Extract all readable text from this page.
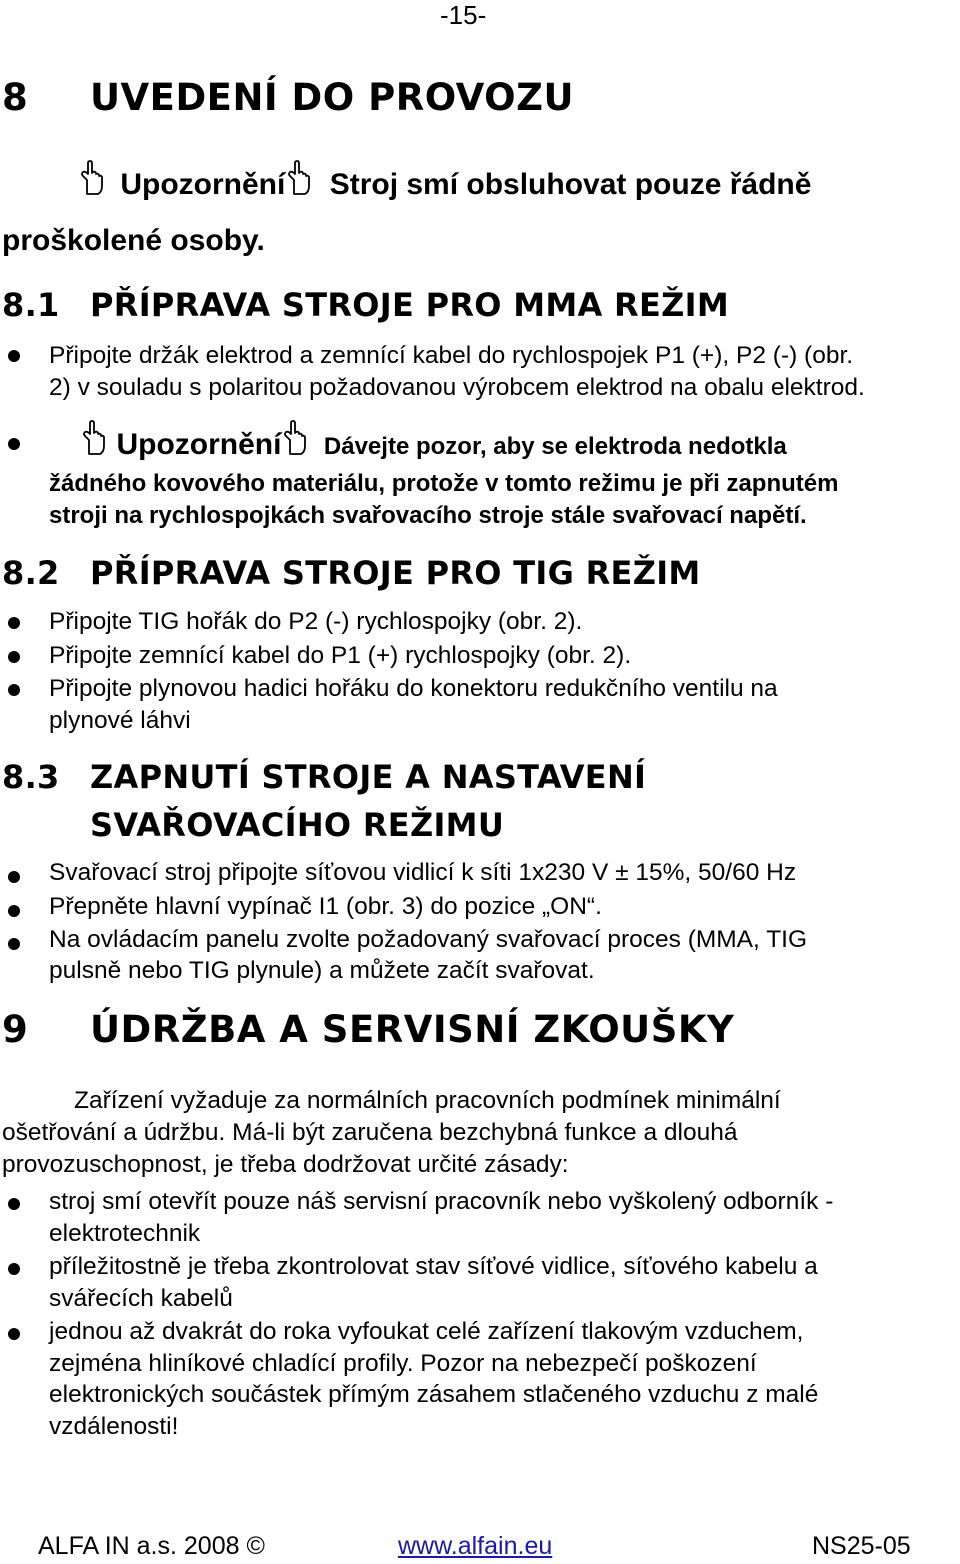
-15-
8 UVEDENÍ DO PROVOZU
Upozornění Stroj smí obsluhovat pouze řádně
proškolené osoby.
8.1 PŘÍPRAVA STROJE PRO MMA REŽIM
Připojte držák elektrod a zemnící kabel do rychlospojek P1 (+), P2 (-) (obr.
2) v souladu s polaritou požadovanou výrobcem elektrod na obalu elektrod.
Upozornění Dávejte pozor, aby se elektroda nedotkla
žádného kovového materiálu, protože v tomto režimu je při zapnutém
stroji na rychlospojkách svařovacího stroje stále svařovací napětí.
8.2 PŘÍPRAVA STROJE PRO TIG REŽIM
Připojte TIG hořák do P2 (-) rychlospojky (obr. 2).
Připojte zemnící kabel do P1 (+) rychlospojky (obr. 2).
Připojte plynovou hadici hořáku do konektoru redukčního ventilu na
plynové láhvi
8.3 ZAPNUTÍ STROJE A NASTAVENÍ
SVAŘOVACÍHO REŽIMU
Svařovací stroj připojte síťovou vidlicí k síti 1x230 V ± 15%, 50/60 Hz
Přepněte hlavní vypínač I1 (obr. 3) do pozice „ON“.
Na ovládacím panelu zvolte požadovaný svařovací proces (MMA, TIG
pulsně nebo TIG plynule) a můžete začít svařovat.
9 ÚDRŽBA A SERVISNÍ ZKOUŠKY
Zařízení vyžaduje za normálních pracovních podmínek minimální
ošetřování a údržbu. Má-li být zaručena bezchybná funkce a dlouhá
provozuschopnost, je třeba dodržovat určité zásady:
stroj smí otevřít pouze náš servisní pracovník nebo vyškolený odborník -
elektrotechnik
příležitostně je třeba zkontrolovat stav síťové vidlice, síťového kabelu a
svářecích kabelů
jednou až dvakrát do roka vyfoukat celé zařízení tlakovým vzduchem,
zejména hliníkové chladící profily. Pozor na nebezpečí poškození
elektronických součástek přímým zásahem stlačeného vzduchu z malé
vzdálenosti!
ALFA IN a.s. 2008 ©	www.alfain.eu	NS25-05
